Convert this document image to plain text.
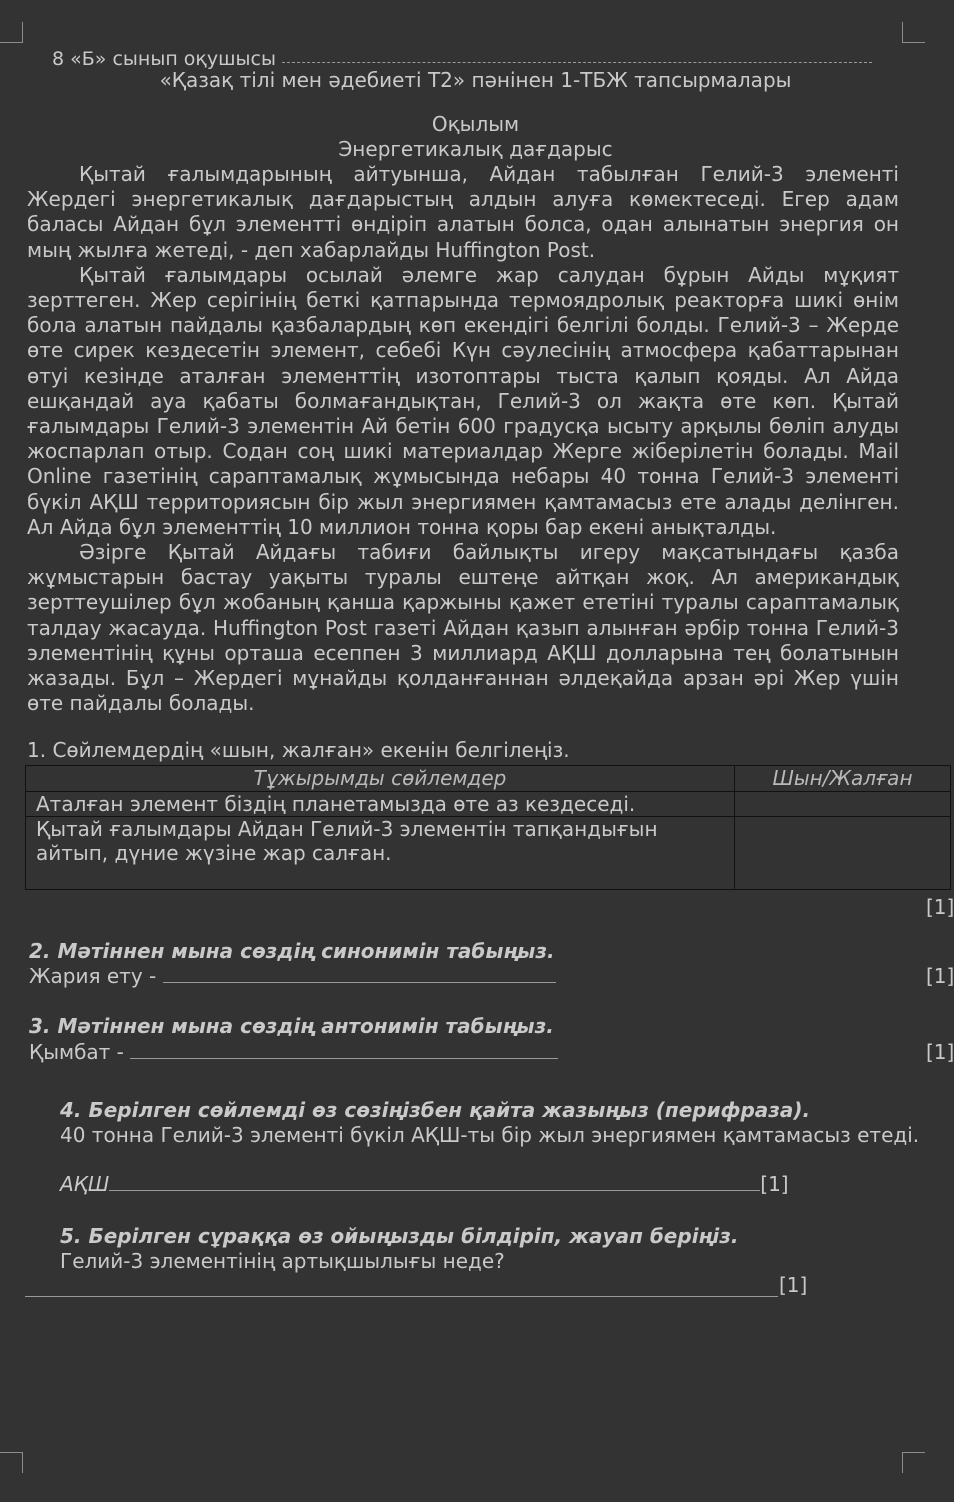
8 «Б» сынып оқушысы
«Қазақ тілі мен әдебиеті Т2» пәнінен 1-ТБЖ тапсырмалары
Оқылым
Энергетикалық дағдарыс

Қытай ғалымдарының айтуынша, Айдан табылған Гелий-3 элементі Жердегі энергетикалық дағдарыстың алдын алуға көмектеседі. Егер адам баласы Айдан бұл элементті өндіріп алатын болса, одан алынатын энергия он мың жылға жетеді, - деп хабарлайды Huffington Post.

Қытай ғалымдары осылай әлемге жар салудан бұрын Айды мұқият зерттеген. Жер серігінің беткі қатпарында термоядролық реакторға шикі өнім бола алатын пайдалы қазбалардың көп екендігі белгілі болды. Гелий-3 – Жерде өте сирек кездесетін элемент, себебі Күн сәулесінің атмосфера қабаттарынан өтуі кезінде аталған элементтің изотоптары тыста қалып қояды. Ал Айда ешқандай ауа қабаты болмағандықтан, Гелий-3 ол жақта өте көп. Қытай ғалымдары Гелий-3 элементін Ай бетін 600 градусқа ысыту арқылы бөліп алуды жоспарлап отыр. Содан соң шикі материалдар Жерге жіберілетін болады. Mail Online газетінің сараптамалық жұмысында небары 40 тонна Гелий-3 элементі бүкіл АҚШ территориясын бір жыл энергиямен қамтамасыз ете алады делінген. Ал Айда бұл элементтің 10 миллион тонна қоры бар екені анықталды.

Әзірге Қытай Айдағы табиғи байлықты игеру мақсатындағы қазба жұмыстарын бастау уақыты туралы ештеңе айтқан жоқ. Ал американдық зерттеушілер бұл жобаның қанша қаржыны қажет ететіні туралы сараптамалық талдау жасауда. Huffington Post газеті Айдан қазып алынған әрбір тонна Гелий-3 элементінің құны орташа есеппен 3 миллиард АҚШ долларына тең болатынын жазады. Бұл – Жердегі мұнайды қолданғаннан әлдеқайда арзан әрі Жер үшін өте пайдалы болады.

1. Сөйлемдердің «шын, жалған» екенін белгілеңіз.
Тұжырымды сөйлемдер	Шын/Жалған
Аталған элемент біздің планетамызда өте аз кездеседі.	
Қытай ғалымдары Айдан Гелий-3 элементін тапқандығын айтып, дүние жүзіне жар салған.	
[1]
2. Мәтіннен мына сөздің синонимін табыңыз.
Жария ету -	[1]
3. Мәтіннен мына сөздің антонимін табыңыз.
Қымбат -	[1]
4. Берілген сөйлемді өз сөзіңізбен қайта жазыңыз (перифраза).
40 тонна Гелий-3 элементі бүкіл АҚШ-ты бір жыл энергиямен қамтамасыз етеді.
АҚШ	[1]
5. Берілген сұраққа өз ойыңызды білдіріп, жауап беріңіз.
Гелий-3 элементінің артықшылығы неде?
[1]
